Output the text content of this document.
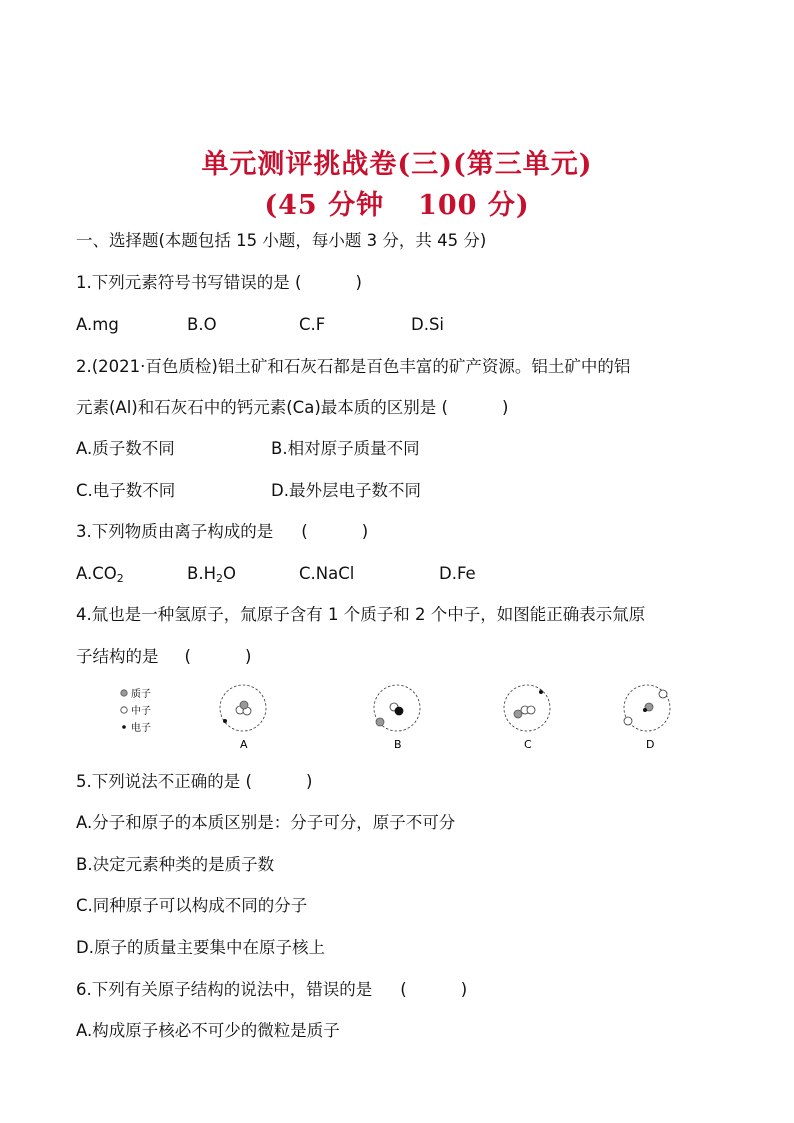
单元测评挑战卷(三)(第三单元)
(45 分钟 100 分)
一、选择题(本题包括 15 小题，每小题 3 分，共 45 分)
1.下列元素符号书写错误的是 (	)
A.mg	B.O	C.F	D.Si
2.(2021·百色质检)铝土矿和石灰石都是百色丰富的矿产资源。铝土矿中的铝
元素(Al)和石灰石中的钙元素(Ca)最本质的区别是 (	)
A.质子数不同	B.相对原子质量不同
C.电子数不同	D.最外层电子数不同
3.下列物质由离子构成的是 (	)
$A.CO_2$	$B.H_2O$	C.NaCl	D.Fe
4.氚也是一种氢原子，氚原子含有 1 个质子和 2 个中子，如图能正确表示氚原
子结构的是 (	)
质子
中子
电子
A	B	C	D
5.下列说法不正确的是 (	)
A.分子和原子的本质区别是：分子可分，原子不可分
B.决定元素种类的是质子数
C.同种原子可以构成不同的分子
D.原子的质量主要集中在原子核上
6.下列有关原子结构的说法中，错误的是 (	)
A.构成原子核必不可少的微粒是质子
